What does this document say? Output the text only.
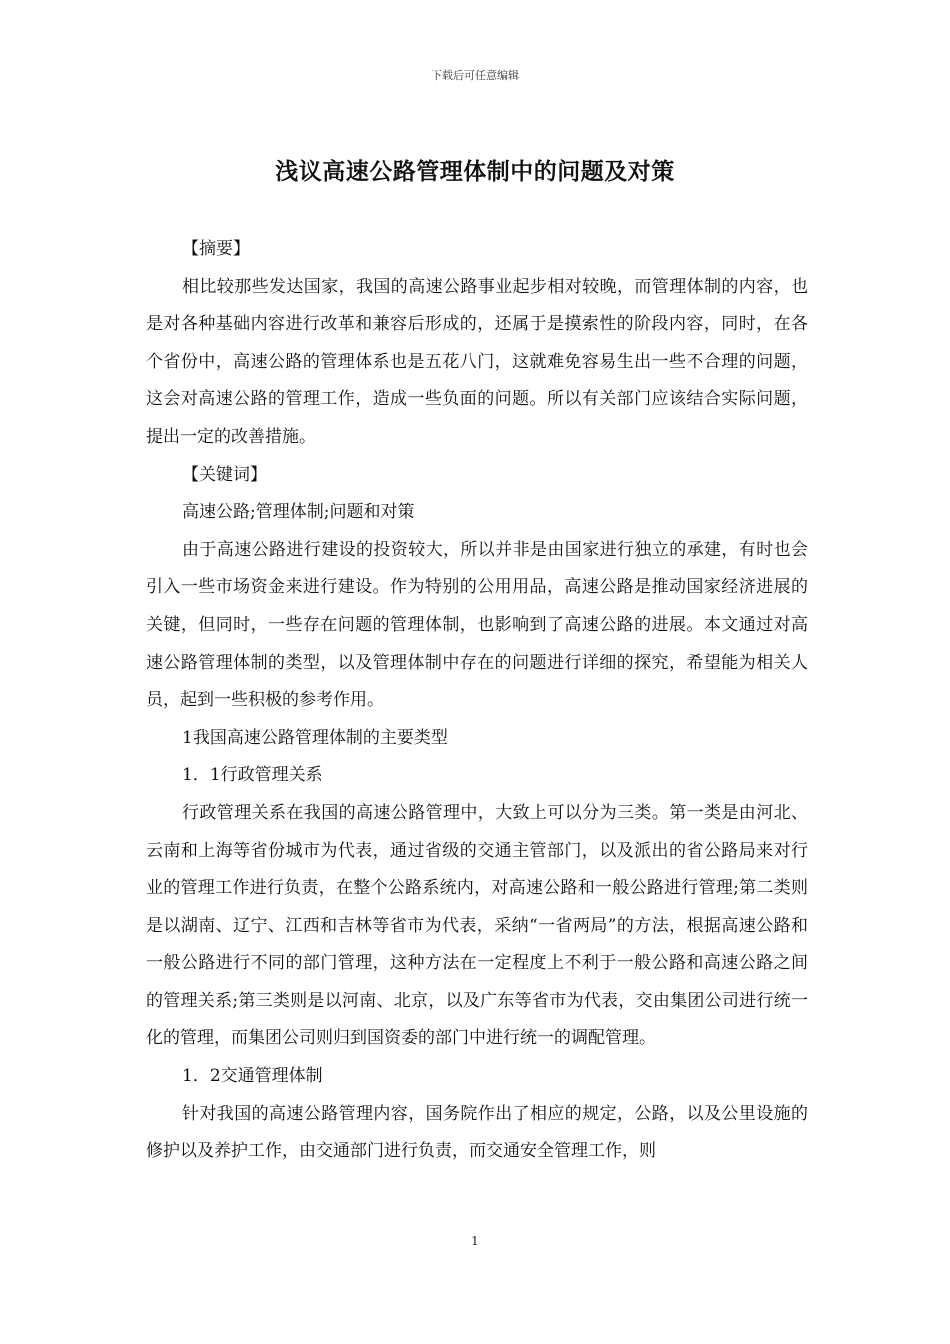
下载后可任意编辑
浅议高速公路管理体制中的问题及对策

【摘要】

相比较那些发达国家，我国的高速公路事业起步相对较晚，而管理体制的内容，也是对各种基础内容进行改革和兼容后形成的，还属于是摸索性的阶段内容，同时，在各个省份中，高速公路的管理体系也是五花八门，这就难免容易生出一些不合理的问题，这会对高速公路的管理工作，造成一些负面的问题。所以有关部门应该结合实际问题，提出一定的改善措施。

【关键词】

高速公路;管理体制;问题和对策

由于高速公路进行建设的投资较大，所以并非是由国家进行独立的承建，有时也会引入一些市场资金来进行建设。作为特别的公用用品，高速公路是推动国家经济进展的关键，但同时，一些存在问题的管理体制，也影响到了高速公路的进展。本文通过对高速公路管理体制的类型，以及管理体制中存在的问题进行详细的探究，希望能为相关人员，起到一些积极的参考作用。

1我国高速公路管理体制的主要类型

1．1行政管理关系

行政管理关系在我国的高速公路管理中，大致上可以分为三类。第一类是由河北、云南和上海等省份城市为代表，通过省级的交通主管部门，以及派出的省公路局来对行业的管理工作进行负责，在整个公路系统内，对高速公路和一般公路进行管理;第二类则是以湖南、辽宁、江西和吉林等省市为代表，采纳“一省两局”的方法，根据高速公路和一般公路进行不同的部门管理，这种方法在一定程度上不利于一般公路和高速公路之间的管理关系;第三类则是以河南、北京，以及广东等省市为代表，交由集团公司进行统一化的管理，而集团公司则归到国资委的部门中进行统一的调配管理。

1．2交通管理体制

针对我国的高速公路管理内容，国务院作出了相应的规定，公路，以及公里设施的修护以及养护工作，由交通部门进行负责，而交通安全管理工作，则

1
